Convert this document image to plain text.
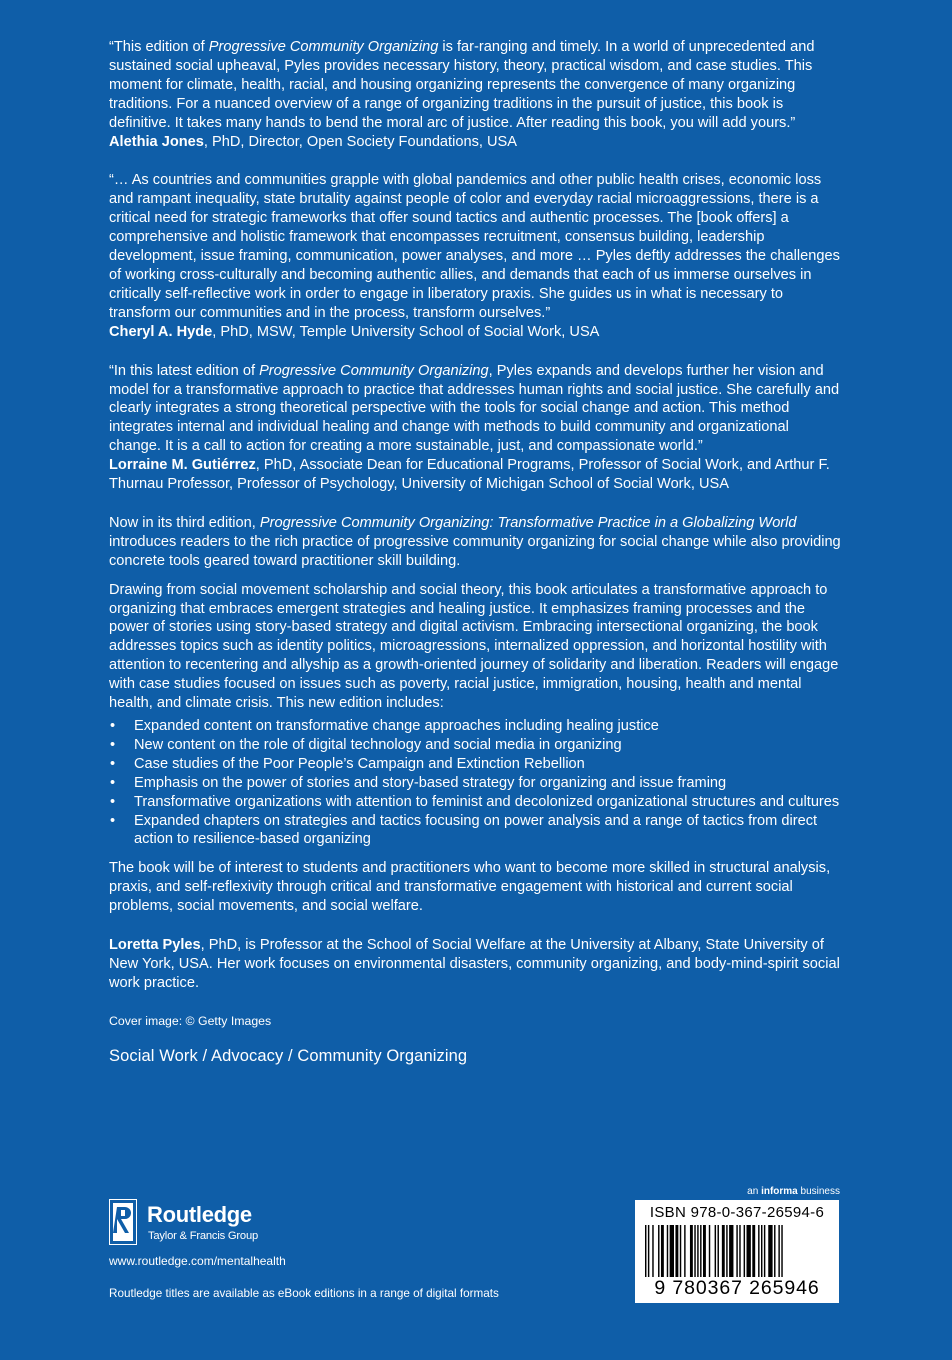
“This edition of Progressive Community Organizing is far-ranging and timely. In a world of unprecedented and sustained social upheaval, Pyles provides necessary history, theory, practical wisdom, and case studies. This moment for climate, health, racial, and housing organizing represents the convergence of many organizing traditions. For a nuanced overview of a range of organizing traditions in the pursuit of justice, this book is definitive. It takes many hands to bend the moral arc of justice. After reading this book, you will add yours.”

Alethia Jones, PhD, Director, Open Society Foundations, USA

“… As countries and communities grapple with global pandemics and other public health crises, economic loss and rampant inequality, state brutality against people of color and everyday racial microaggressions, there is a critical need for strategic frameworks that offer sound tactics and authentic processes. The [book offers] a comprehensive and holistic framework that encompasses recruitment, consensus building, leadership development, issue framing, communication, power analyses, and more … Pyles deftly addresses the challenges of working cross-culturally and becoming authentic allies, and demands that each of us immerse ourselves in critically self-reflective work in order to engage in liberatory praxis. She guides us in what is necessary to transform our communities and in the process, transform ourselves.”

Cheryl A. Hyde, PhD, MSW, Temple University School of Social Work, USA

“In this latest edition of Progressive Community Organizing, Pyles expands and develops further her vision and model for a transformative approach to practice that addresses human rights and social justice. She carefully and clearly integrates a strong theoretical perspective with the tools for social change and action. This method integrates internal and individual healing and change with methods to build community and organizational change. It is a call to action for creating a more sustainable, just, and compassionate world.”

Lorraine M. Gutiérrez, PhD, Associate Dean for Educational Programs, Professor of Social Work, and Arthur F. Thurnau Professor, Professor of Psychology, University of Michigan School of Social Work, USA

Now in its third edition, Progressive Community Organizing: Transformative Practice in a Globalizing World introduces readers to the rich practice of progressive community organizing for social change while also providing concrete tools geared toward practitioner skill building.

Drawing from social movement scholarship and social theory, this book articulates a transformative approach to organizing that embraces emergent strategies and healing justice. It emphasizes framing processes and the power of stories using story-based strategy and digital activism. Embracing intersectional organizing, the book addresses topics such as identity politics, microagressions, internalized oppression, and horizontal hostility with attention to recentering and allyship as a growth-oriented journey of solidarity and liberation. Readers will engage with case studies focused on issues such as poverty, racial justice, immigration, housing, health and mental health, and climate crisis. This new edition includes:

• Expanded content on transformative change approaches including healing justice
• New content on the role of digital technology and social media in organizing
• Case studies of the Poor People’s Campaign and Extinction Rebellion
• Emphasis on the power of stories and story-based strategy for organizing and issue framing
• Transformative organizations with attention to feminist and decolonized organizational structures and cultures
• Expanded chapters on strategies and tactics focusing on power analysis and a range of tactics from direct action to resilience-based organizing

The book will be of interest to students and practitioners who want to become more skilled in structural analysis, praxis, and self-reflexivity through critical and transformative engagement with historical and current social problems, social movements, and social welfare.

Loretta Pyles, PhD, is Professor at the School of Social Welfare at the University at Albany, State University of New York, USA. Her work focuses on environmental disasters, community organizing, and body-mind-spirit social work practice.

Cover image: © Getty Images

Social Work / Advocacy / Community Organizing

Routledge
Taylor & Francis Group
www.routledge.com/mentalhealth
Routledge titles are available as eBook editions in a range of digital formats
an informa business
ISBN 978-0-367-26594-6
9 780367 265946
